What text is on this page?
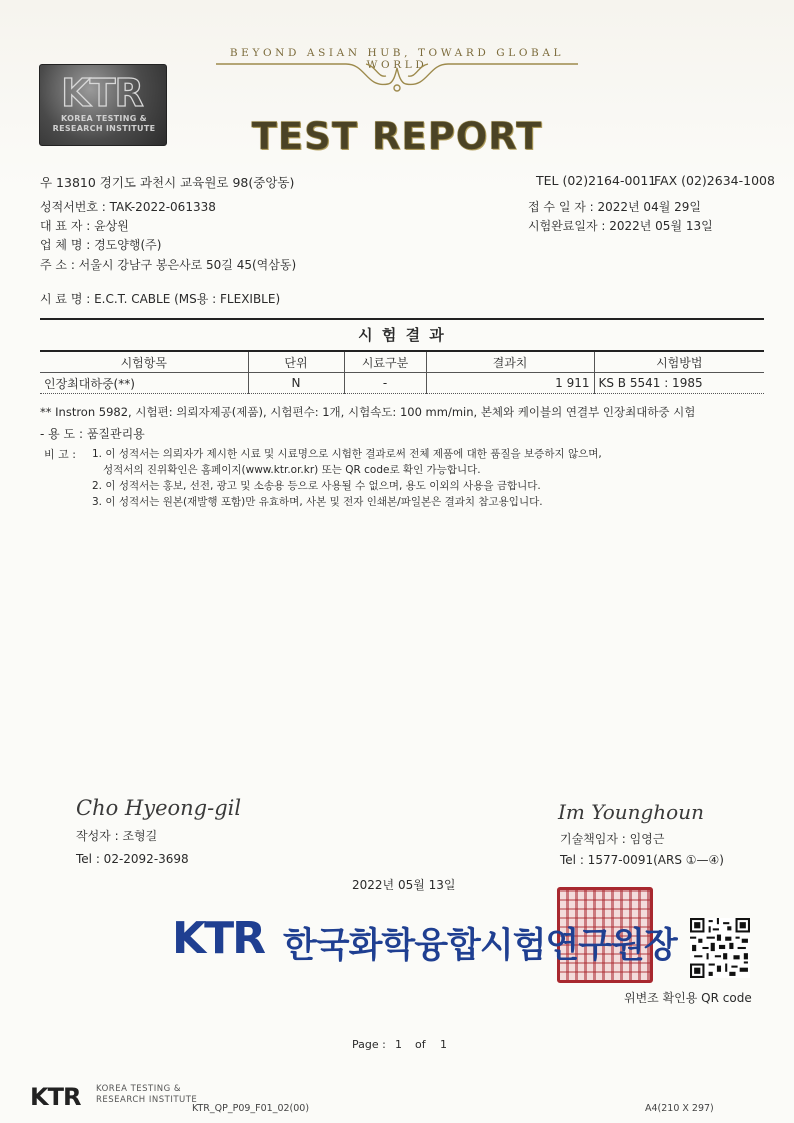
BEYOND ASIAN HUB, TOWARD GLOBAL WORLD
TEST REPORT
KTR
KOREA TESTING &
RESEARCH INSTITUTE
우 13810 경기도 과천시 교육원로 98(중앙동)	TEL (02)2164-0011
FAX (02)2634-1008
성적서번호 : TAK-2022-061338
대 표 자 : 윤상원
업 체 명 : 경도양행(주)
주 소 : 서울시 강남구 봉은사로 50길 45(역삼동)
접 수 일 자 : 2022년 04월 29일
시험완료일자 : 2022년 05월 13일
시 료 명 : E.C.T. CABLE (MS용 : FLEXIBLE)
시 험 결 과
시험항목	단위	시료구분	결과치	시험방법
인장최대하중(**)	N	-	1 911	KS B 5541 : 1985
** Instron 5982, 시험편: 의뢰자제공(제품), 시험편수: 1개, 시험속도: 100 mm/min, 본체와 케이블의 연결부 인장최대하중 시험
- 용 도 : 품질관리용
비 고 : 1. 이 성적서는 의뢰자가 제시한 시료 및 시료명으로 시험한 결과로써 전체 제품에 대한 품질을 보증하지 않으며,
성적서의 진위확인은 홈페이지(www.ktr.or.kr) 또는 QR code로 확인 가능합니다.
2. 이 성적서는 홍보, 선전, 광고 및 소송용 등으로 사용될 수 없으며, 용도 이외의 사용을 금합니다.
3. 이 성적서는 원본(재발행 포함)만 유효하며, 사본 및 전자 인쇄본/파일본은 결과치 참고용입니다.
Cho Hyeong-gil
작성자 : 조형길
Tel : 02-2092-3698
Im Younghoun
기술책임자 : 임영근
Tel : 1577-0091(ARS ①—④)
2022년 05월 13일
KTR 한국화학융합시험연구원장
위변조 확인용 QR code
Page : 1 of 1
KTR KOREA TESTING &
RESEARCH INSTITUTE
KTR_QP_P09_F01_02(00)	A4(210 X 297)
